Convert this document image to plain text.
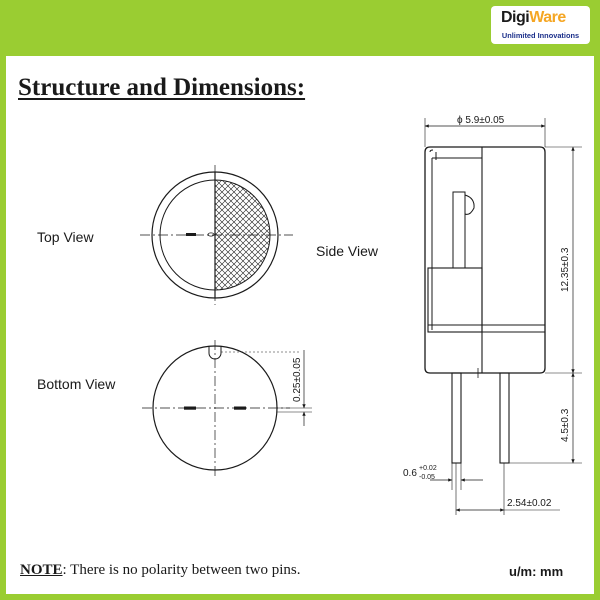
DigiWare
Unlimited Innovations
Structure and Dimensions:
Top View
Side View
Bottom View	0.25±0.05
ϕ 5.9±0.05
12.35±0.3
4.5±0.3
0.6 +0.02
-0.05
2.54±0.02
NOTE: There is no polarity between two pins.	u/m: mm
